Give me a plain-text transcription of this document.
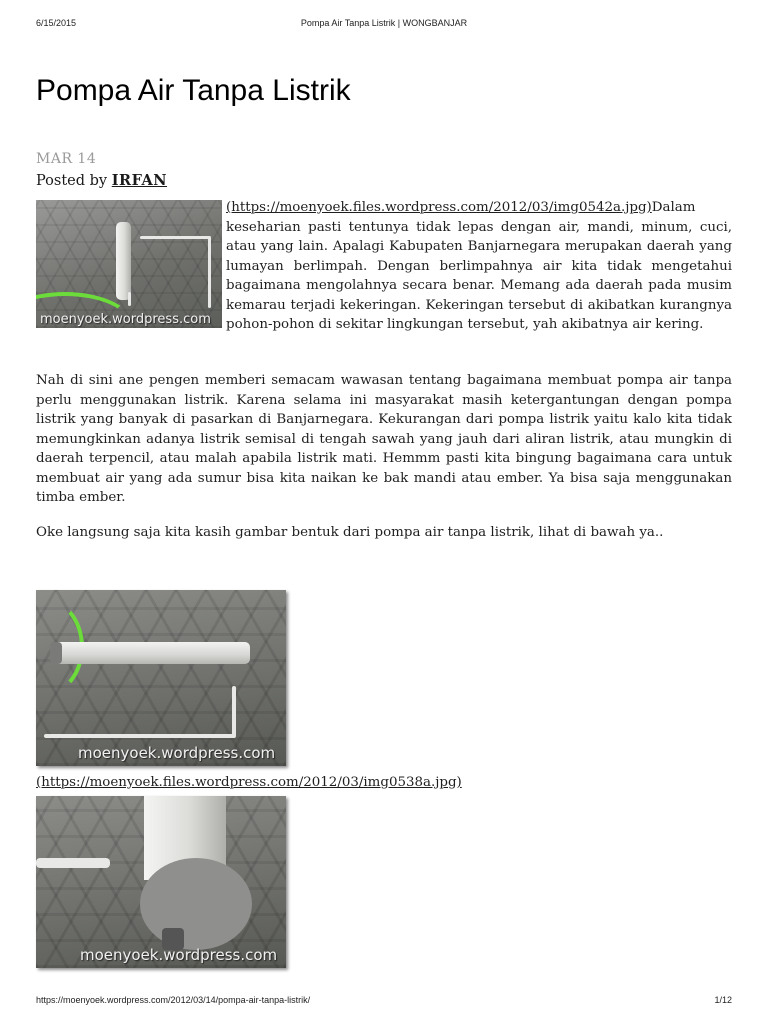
6/15/2015	Pompa Air Tanpa Listrik | WONGBANJAR
Pompa Air Tanpa Listrik
MAR 14
Posted by IRFAN
moenyoek.wordpress.com

(https://moenyoek.files.wordpress.com/2012/03/img0542a.jpg)Dalam keseharian pasti tentunya tidak lepas dengan air, mandi, minum, cuci, atau yang lain. Apalagi Kabupaten Banjarnegara merupakan daerah yang lumayan berlimpah. Dengan berlimpahnya air kita tidak mengetahui bagaimana mengolahnya secara benar. Memang ada daerah pada musim kemarau terjadi kekeringan. Kekeringan tersebut di akibatkan kurangnya pohon-pohon di sekitar lingkungan tersebut, yah akibatnya air kering.

Nah di sini ane pengen memberi semacam wawasan tentang bagaimana membuat pompa air tanpa perlu menggunakan listrik. Karena selama ini masyarakat masih ketergantungan dengan pompa listrik yang banyak di pasarkan di Banjarnegara. Kekurangan dari pompa listrik yaitu kalo kita tidak memungkinkan adanya listrik semisal di tengah sawah yang jauh dari aliran listrik, atau mungkin di daerah terpencil, atau malah apabila listrik mati. Hemmm pasti kita bingung bagaimana cara untuk membuat air yang ada sumur bisa kita naikan ke bak mandi atau ember. Ya bisa saja menggunakan timba ember.

Oke langsung saja kita kasih gambar bentuk dari pompa air tanpa listrik, lihat di bawah ya..

moenyoek.wordpress.com
(https://moenyoek.files.wordpress.com/2012/03/img0538a.jpg)
moenyoek.wordpress.com
https://moenyoek.wordpress.com/2012/03/14/pompa-air-tanpa-listrik/	1/12
